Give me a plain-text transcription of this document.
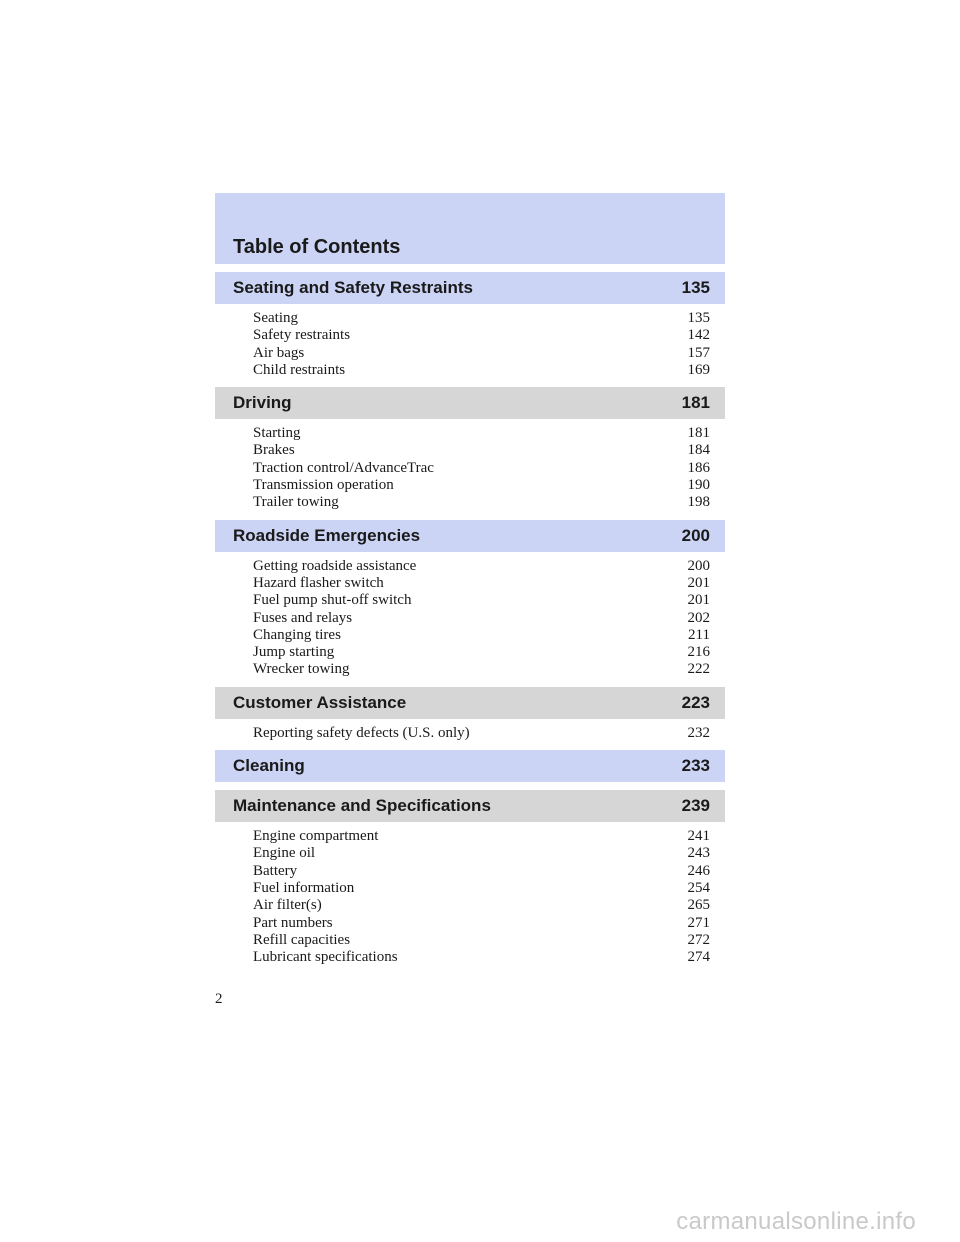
Table of Contents
Seating and Safety Restraints	135
Seating	135
Safety restraints	142
Air bags	157
Child restraints	169
Driving	181
Starting	181
Brakes	184
Traction control/AdvanceTrac	186
Transmission operation	190
Trailer towing	198
Roadside Emergencies	200
Getting roadside assistance	200
Hazard flasher switch	201
Fuel pump shut-off switch	201
Fuses and relays	202
Changing tires	211
Jump starting	216
Wrecker towing	222
Customer Assistance	223
Reporting safety defects (U.S. only)	232
Cleaning	233
Maintenance and Specifications	239
Engine compartment	241
Engine oil	243
Battery	246
Fuel information	254
Air filter(s)	265
Part numbers	271
Refill capacities	272
Lubricant specifications	274
2
carmanualsonline.info
